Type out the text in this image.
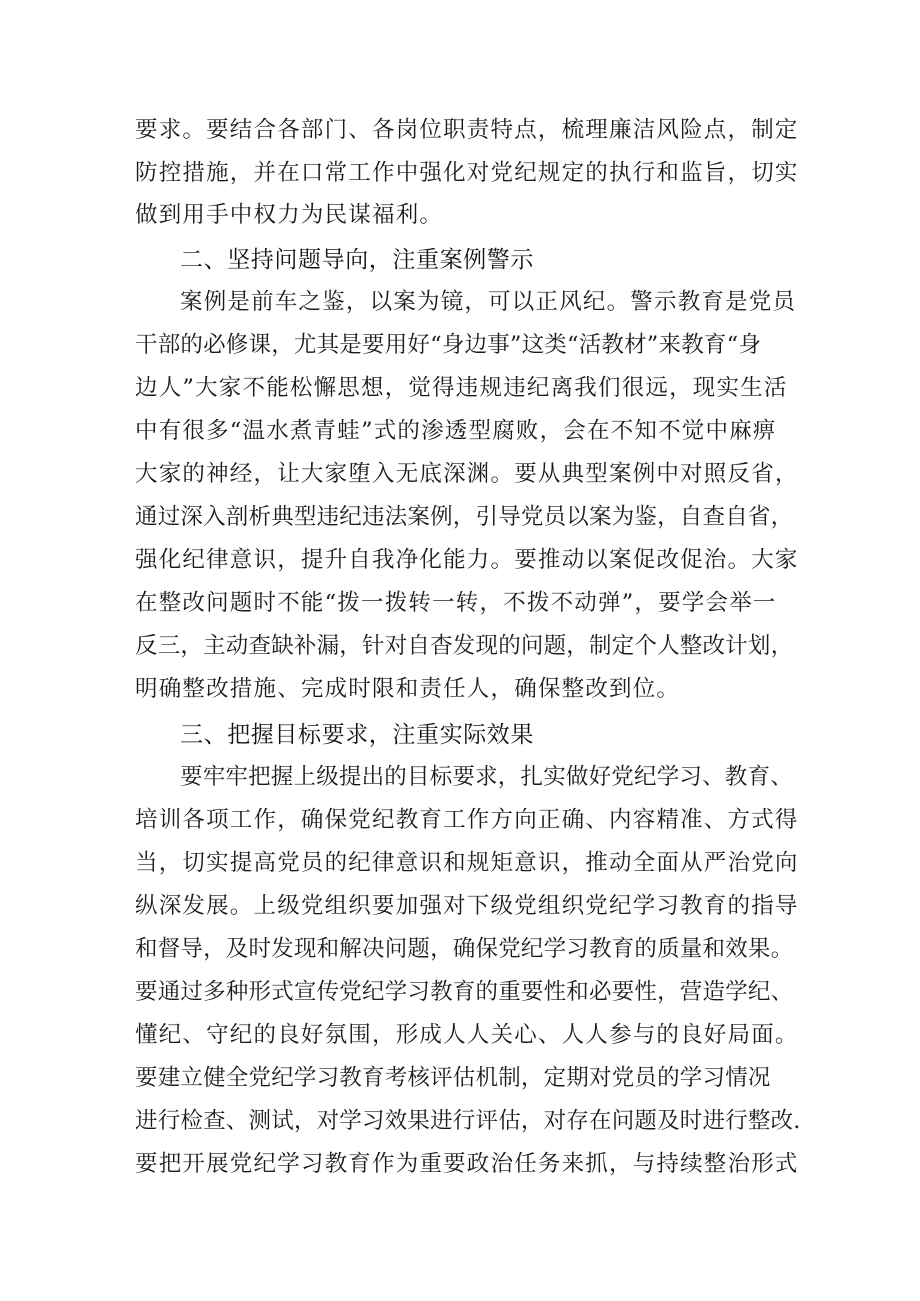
要求。要结合各部门、各岗位职责特点，梳理廉洁风险点，制定
防控措施，并在口常工作中强化对党纪规定的执行和监旨，切实
做到用手中权力为民谋福利。
二、坚持问题导向，注重案例警示
案例是前车之鉴，以案为镜，可以正风纪。警示教育是党员
干部的必修课，尤其是要用好“身边事”这类“活教材”来教育“身
边人”大家不能松懈思想，觉得违规违纪离我们很远，现实生活
中有很多“温水煮青蛙”式的渗透型腐败，会在不知不觉中麻痹
大家的神经，让大家堕入无底深渊。要从典型案例中对照反省，
通过深入剖析典型违纪违法案例，引导党员以案为鉴，自查自省，
强化纪律意识，提升自我净化能力。要推动以案促改促治。大家
在整改问题时不能“拨一拨转一转，不拨不动弹”，要学会举一
反三，主动查缺补漏，针对自杳发现的问题，制定个人整改计划，
明确整改措施、完成时限和责任人，确保整改到位。
三、把握目标要求，注重实际效果
要牢牢把握上级提出的目标要求，扎实做好党纪学习、教育、
培训各项工作，确保党纪教育工作方向正确、内容精准、方式得
当，切实提高党员的纪律意识和规矩意识，推动全面从严治党向
纵深发展。上级党组织要加强对下级党组织党纪学习教育的指导
和督导，及时发现和解决问题，确保党纪学习教育的质量和效果。
要通过多种形式宣传党纪学习教育的重要性和必要性，营造学纪、
懂纪、守纪的良好氛围，形成人人关心、人人参与的良好局面。
要建立健全党纪学习教育考核评估机制，定期对党员的学习情况
进行检查、测试，对学习效果进行评估，对存在问题及时进行整改.
要把开展党纪学习教育作为重要政治任务来抓，与持续整治形式
